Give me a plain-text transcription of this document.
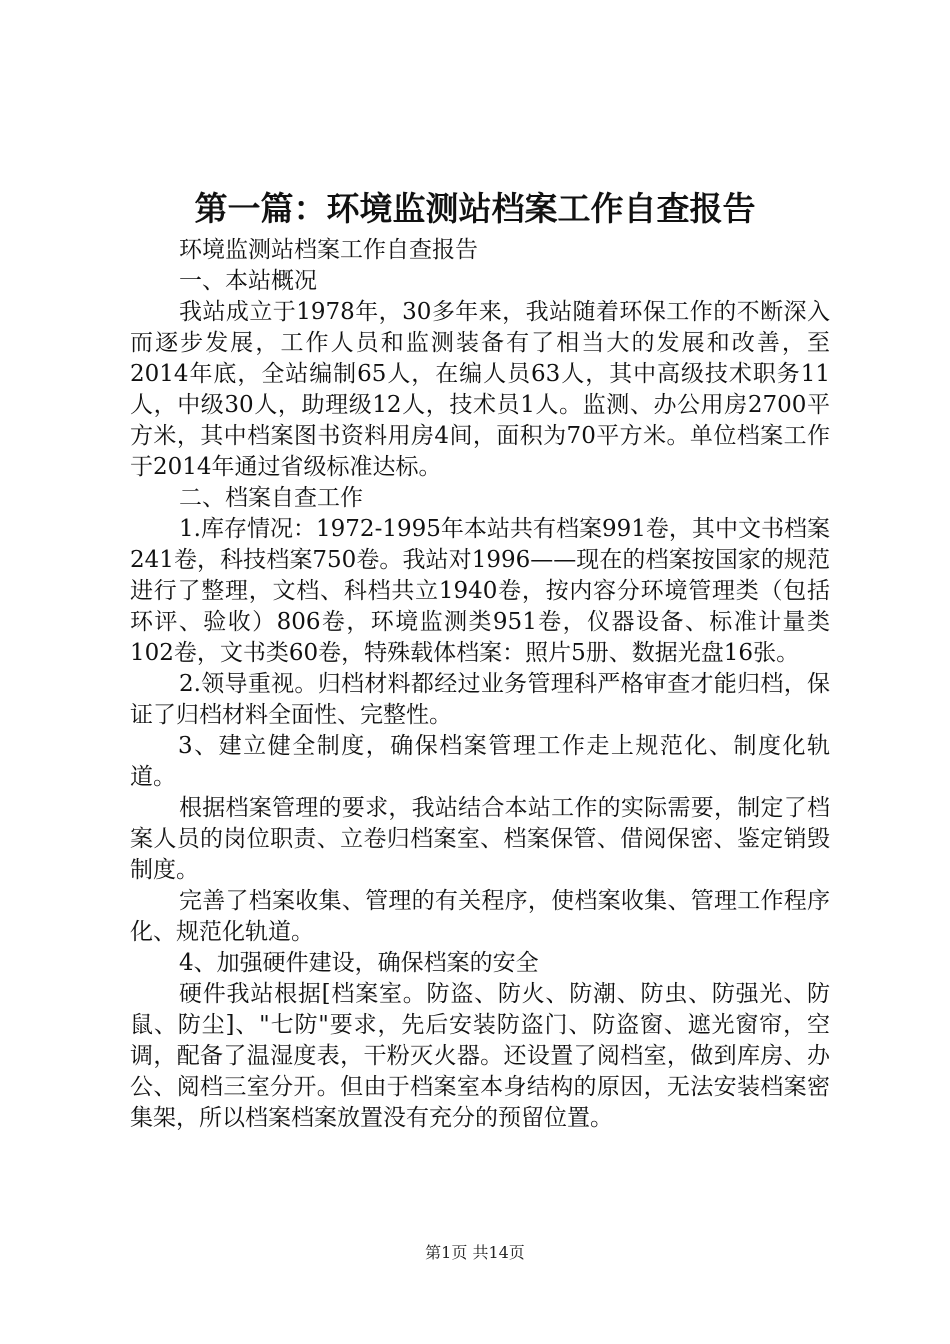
第一篇：环境监测站档案工作自查报告

环境监测站档案工作自查报告

一、本站概况

我站成立于1978年，30多年来，我站随着环保工作的不断深入而逐步发展，工作人员和监测装备有了相当大的发展和改善，至2014年底，全站编制65人，在编人员63人，其中高级技术职务11人，中级30人，助理级12人，技术员1人。监测、办公用房2700平方米，其中档案图书资料用房4间，面积为70平方米。单位档案工作于2014年通过省级标准达标。

二、档案自查工作

1.库存情况：1972-1995年本站共有档案991卷，其中文书档案241卷，科技档案750卷。我站对1996——现在的档案按国家的规范进行了整理，文档、科档共立1940卷，按内容分环境管理类（包括环评、验收）806卷，环境监测类951卷，仪器设备、标准计量类102卷，文书类60卷，特殊载体档案：照片5册、数据光盘16张。

2.领导重视。归档材料都经过业务管理科严格审查才能归档，保证了归档材料全面性、完整性。

3、建立健全制度，确保档案管理工作走上规范化、制度化轨道。

根据档案管理的要求，我站结合本站工作的实际需要，制定了档案人员的岗位职责、立卷归档案室、档案保管、借阅保密、鉴定销毁制度。

完善了档案收集、管理的有关程序，使档案收集、管理工作程序化、规范化轨道。

4、加强硬件建设，确保档案的安全

硬件我站根据[档案室。防盗、防火、防潮、防虫、防强光、防鼠、防尘]、"七防"要求，先后安装防盗门、防盗窗、遮光窗帘，空调，配备了温湿度表，干粉灭火器。还设置了阅档室，做到库房、办公、阅档三室分开。但由于档案室本身结构的原因，无法安装档案密集架，所以档案档案放置没有充分的预留位置。

第1页 共14页
